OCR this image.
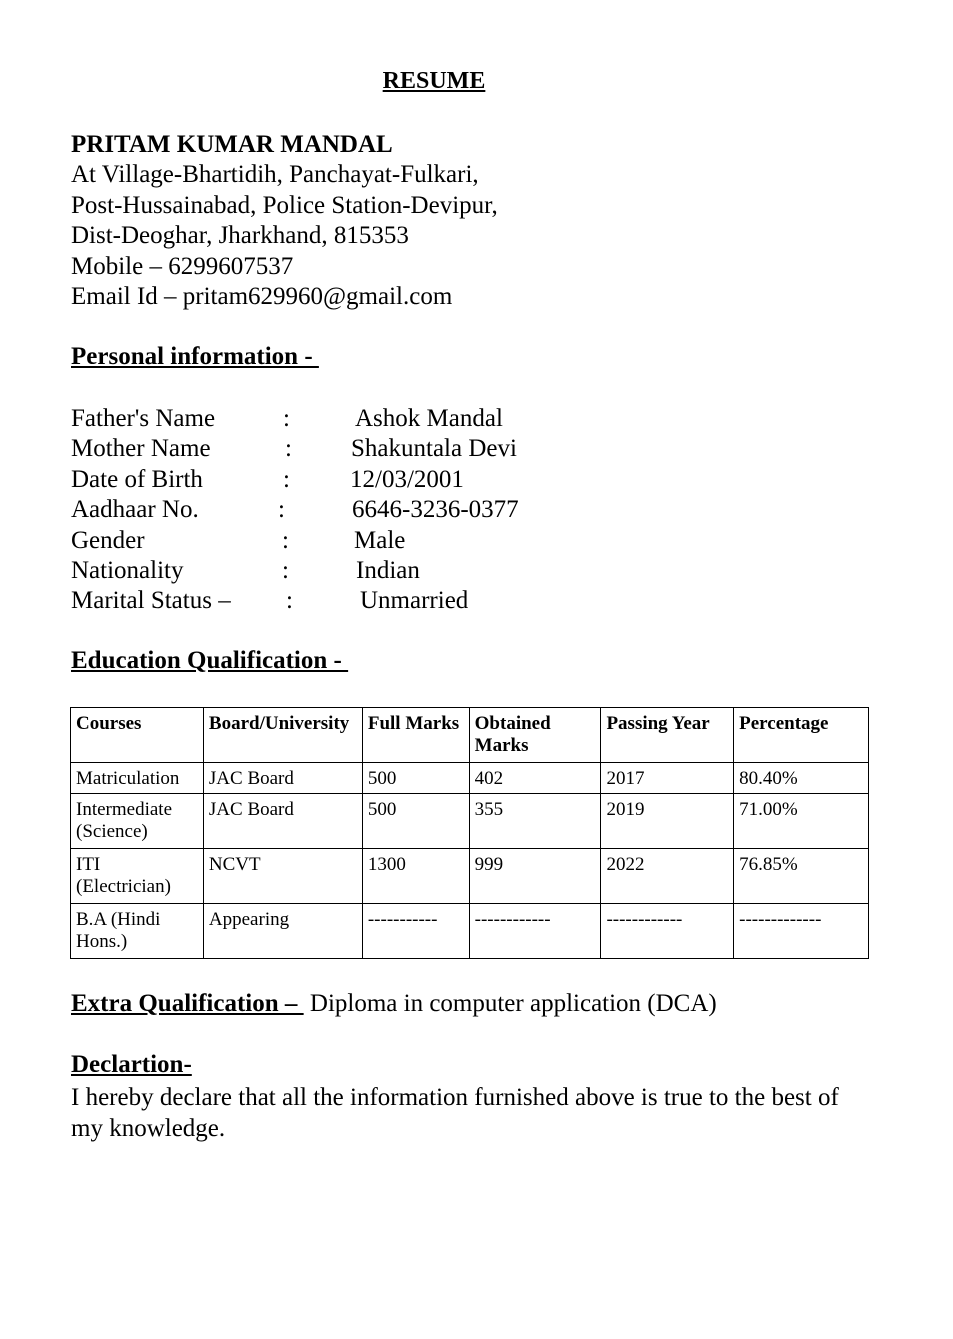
RESUME
PRITAM KUMAR MANDAL
At Village-Bhartidih, Panchayat-Fulkari,
Post-Hussainabad, Police Station-Devipur,
Dist-Deoghar, Jharkhand, 815353
Mobile – 6299607537
Email Id – pritam629960@gmail.com
Personal information -
Father's Name	:	Ashok Mandal
Mother Name	: Shakuntala Devi
Date of Birth	: 12/03/2001
Aadhaar No.	:	6646-3236-0377
Gender	:	Male
Nationality	:	Indian
Marital Status – :	Unmarried
Education Qualification -
Courses	Board/University	Full Marks	Obtained Marks	Passing Year	Percentage
Matriculation	JAC Board	500	402	2017	80.40%
Intermediate (Science)	JAC Board	500	355	2019	71.00%
ITI (Electrician)	NCVT	1300	999	2022	76.85%
B.A (Hindi Hons.)	Appearing	-----------	------------	------------	-------------
Extra Qualification –  Diploma in computer application (DCA)
Declartion-
I hereby declare that all the information furnished above is true to the best of my knowledge.
